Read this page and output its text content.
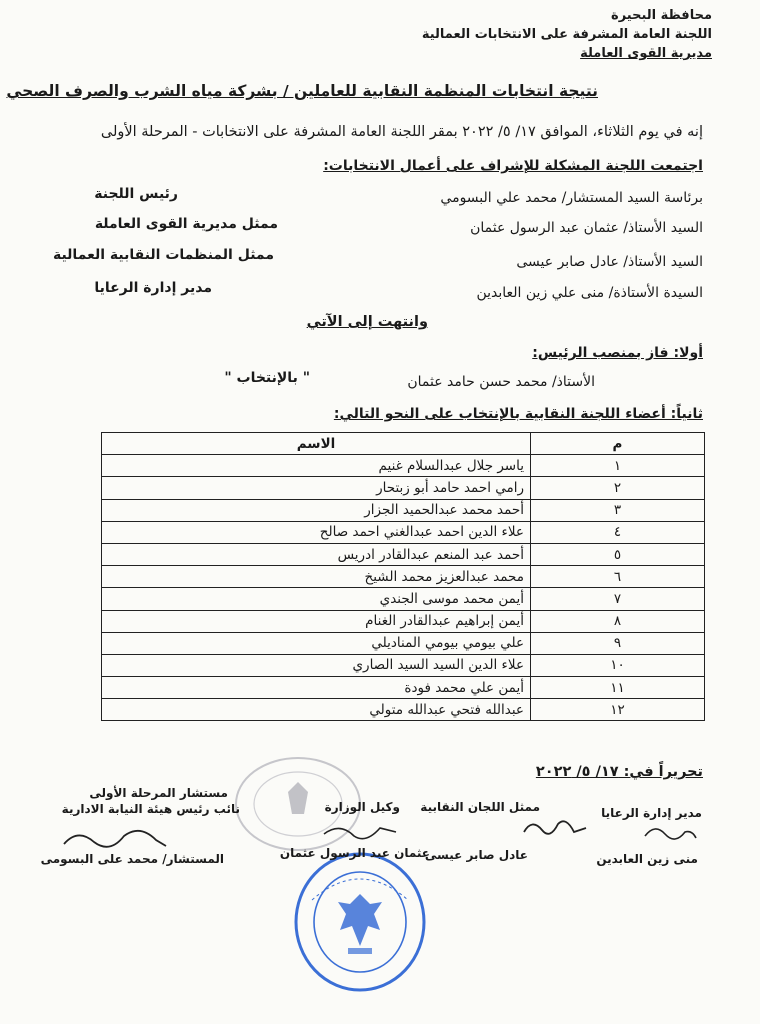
محافظة البحيرة
اللجنة العامة المشرفة على الانتخابات العمالية
مديرية القوى العاملة
نتيجة انتخابات المنظمة النقابية للعاملين / بشركة مياه الشرب والصرف الصحي
إنه في يوم الثلاثاء، الموافق ١٧/ ٥/ ٢٠٢٢ بمقر اللجنة العامة المشرفة على الانتخابات - المرحلة الأولى
اجتمعت اللجنة المشكلة للإشراف على أعمال الانتخابات:
برئاسة السيد المستشار/ محمد علي البسومي
رئيس اللجنة
السيد الأستاذ/ عثمان عبد الرسول عثمان
ممثل مديرية القوى العاملة
السيد الأستاذ/ عادل صابر عيسى
ممثل المنظمات النقابية العمالية
السيدة الأستاذة/ منى علي زين العابدين
مدير إدارة الرعايا
وانتهت إلى الآتي
أولا: فاز بمنصب الرئيس:
الأستاذ/ محمد حسن حامد عثمان
" بالإنتخاب "
ثانياً: أعضاء اللجنة النقابية بالإنتخاب على النحو التالي:
م	الاسم
١	ياسر جلال عبدالسلام غنيم
٢	رامي احمد حامد أبو زبتحار
٣	أحمد محمد عبدالحميد الجزار
٤	علاء الدين احمد عبدالغني احمد صالح
٥	أحمد عبد المنعم عبدالقادر ادريس
٦	محمد عبدالعزيز محمد الشيخ
٧	أيمن محمد موسى الجندي
٨	أيمن إبراهيم عبدالقادر الغنام
٩	علي بيومي بيومي المناديلي
١٠	علاء الدين السيد السيد الصاري
١١	أيمن علي محمد فودة
١٢	عبدالله فتحي عبدالله متولي
تحريراً في: ١٧/ ٥/ ٢٠٢٢
مدير إدارة الرعايا
منى زين العابدين
ممثل اللجان النقابية
عادل صابر عيسى
وكيل الوزارة
عثمان عبد الرسول عثمان
مستشار المرحلة الأولى
نائب رئيس هيئة النيابة الادارية
المستشار/ محمد على البسومى
